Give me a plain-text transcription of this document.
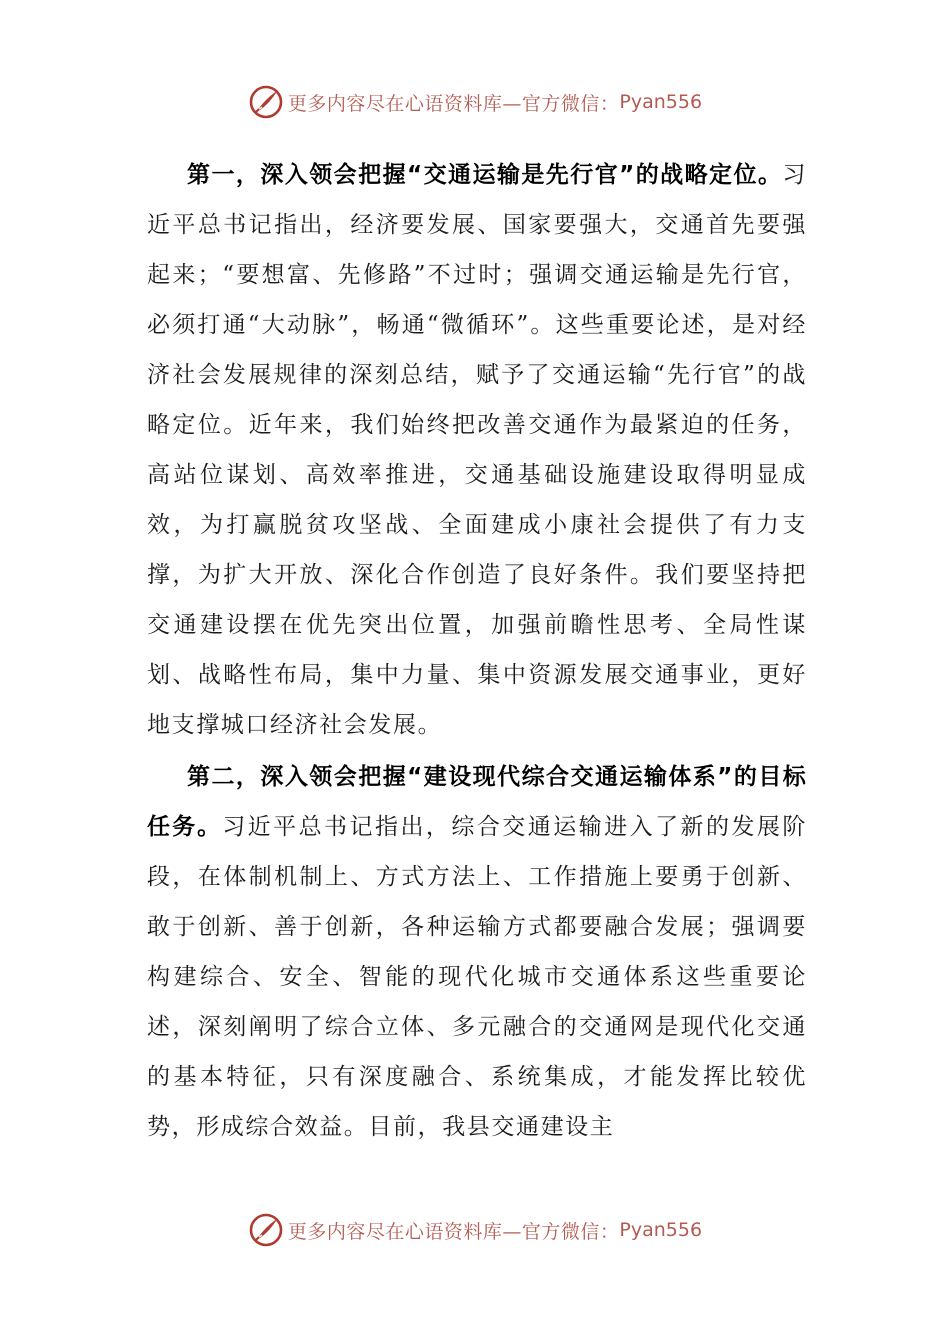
更多内容尽在心语资料库—官方微信： Pyan556

第一，深入领会把握“交通运输是先行官”的战略定位。习近平总书记指出，经济要发展、国家要强大，交通首先要强起来；“要想富、先修路”不过时；强调交通运输是先行官，必须打通“大动脉”，畅通“微循环”。这些重要论述，是对经济社会发展规律的深刻总结，赋予了交通运输“先行官”的战略定位。近年来，我们始终把改善交通作为最紧迫的任务，高站位谋划、高效率推进，交通基础设施建设取得明显成效，为打赢脱贫攻坚战、全面建成小康社会提供了有力支撑，为扩大开放、深化合作创造了良好条件。我们要坚持把交通建设摆在优先突出位置，加强前瞻性思考、全局性谋划、战略性布局，集中力量、集中资源发展交通事业，更好地支撑城口经济社会发展。

第二，深入领会把握“建设现代综合交通运输体系”的目标任务。习近平总书记指出，综合交通运输进入了新的发展阶段，在体制机制上、方式方法上、工作措施上要勇于创新、敢于创新、善于创新，各种运输方式都要融合发展；强调要构建综合、安全、智能的现代化城市交通体系这些重要论述，深刻阐明了综合立体、多元融合的交通网是现代化交通的基本特征，只有深度融合、系统集成，才能发挥比较优势，形成综合效益。目前，我县交通建设主

更多内容尽在心语资料库—官方微信： Pyan556
